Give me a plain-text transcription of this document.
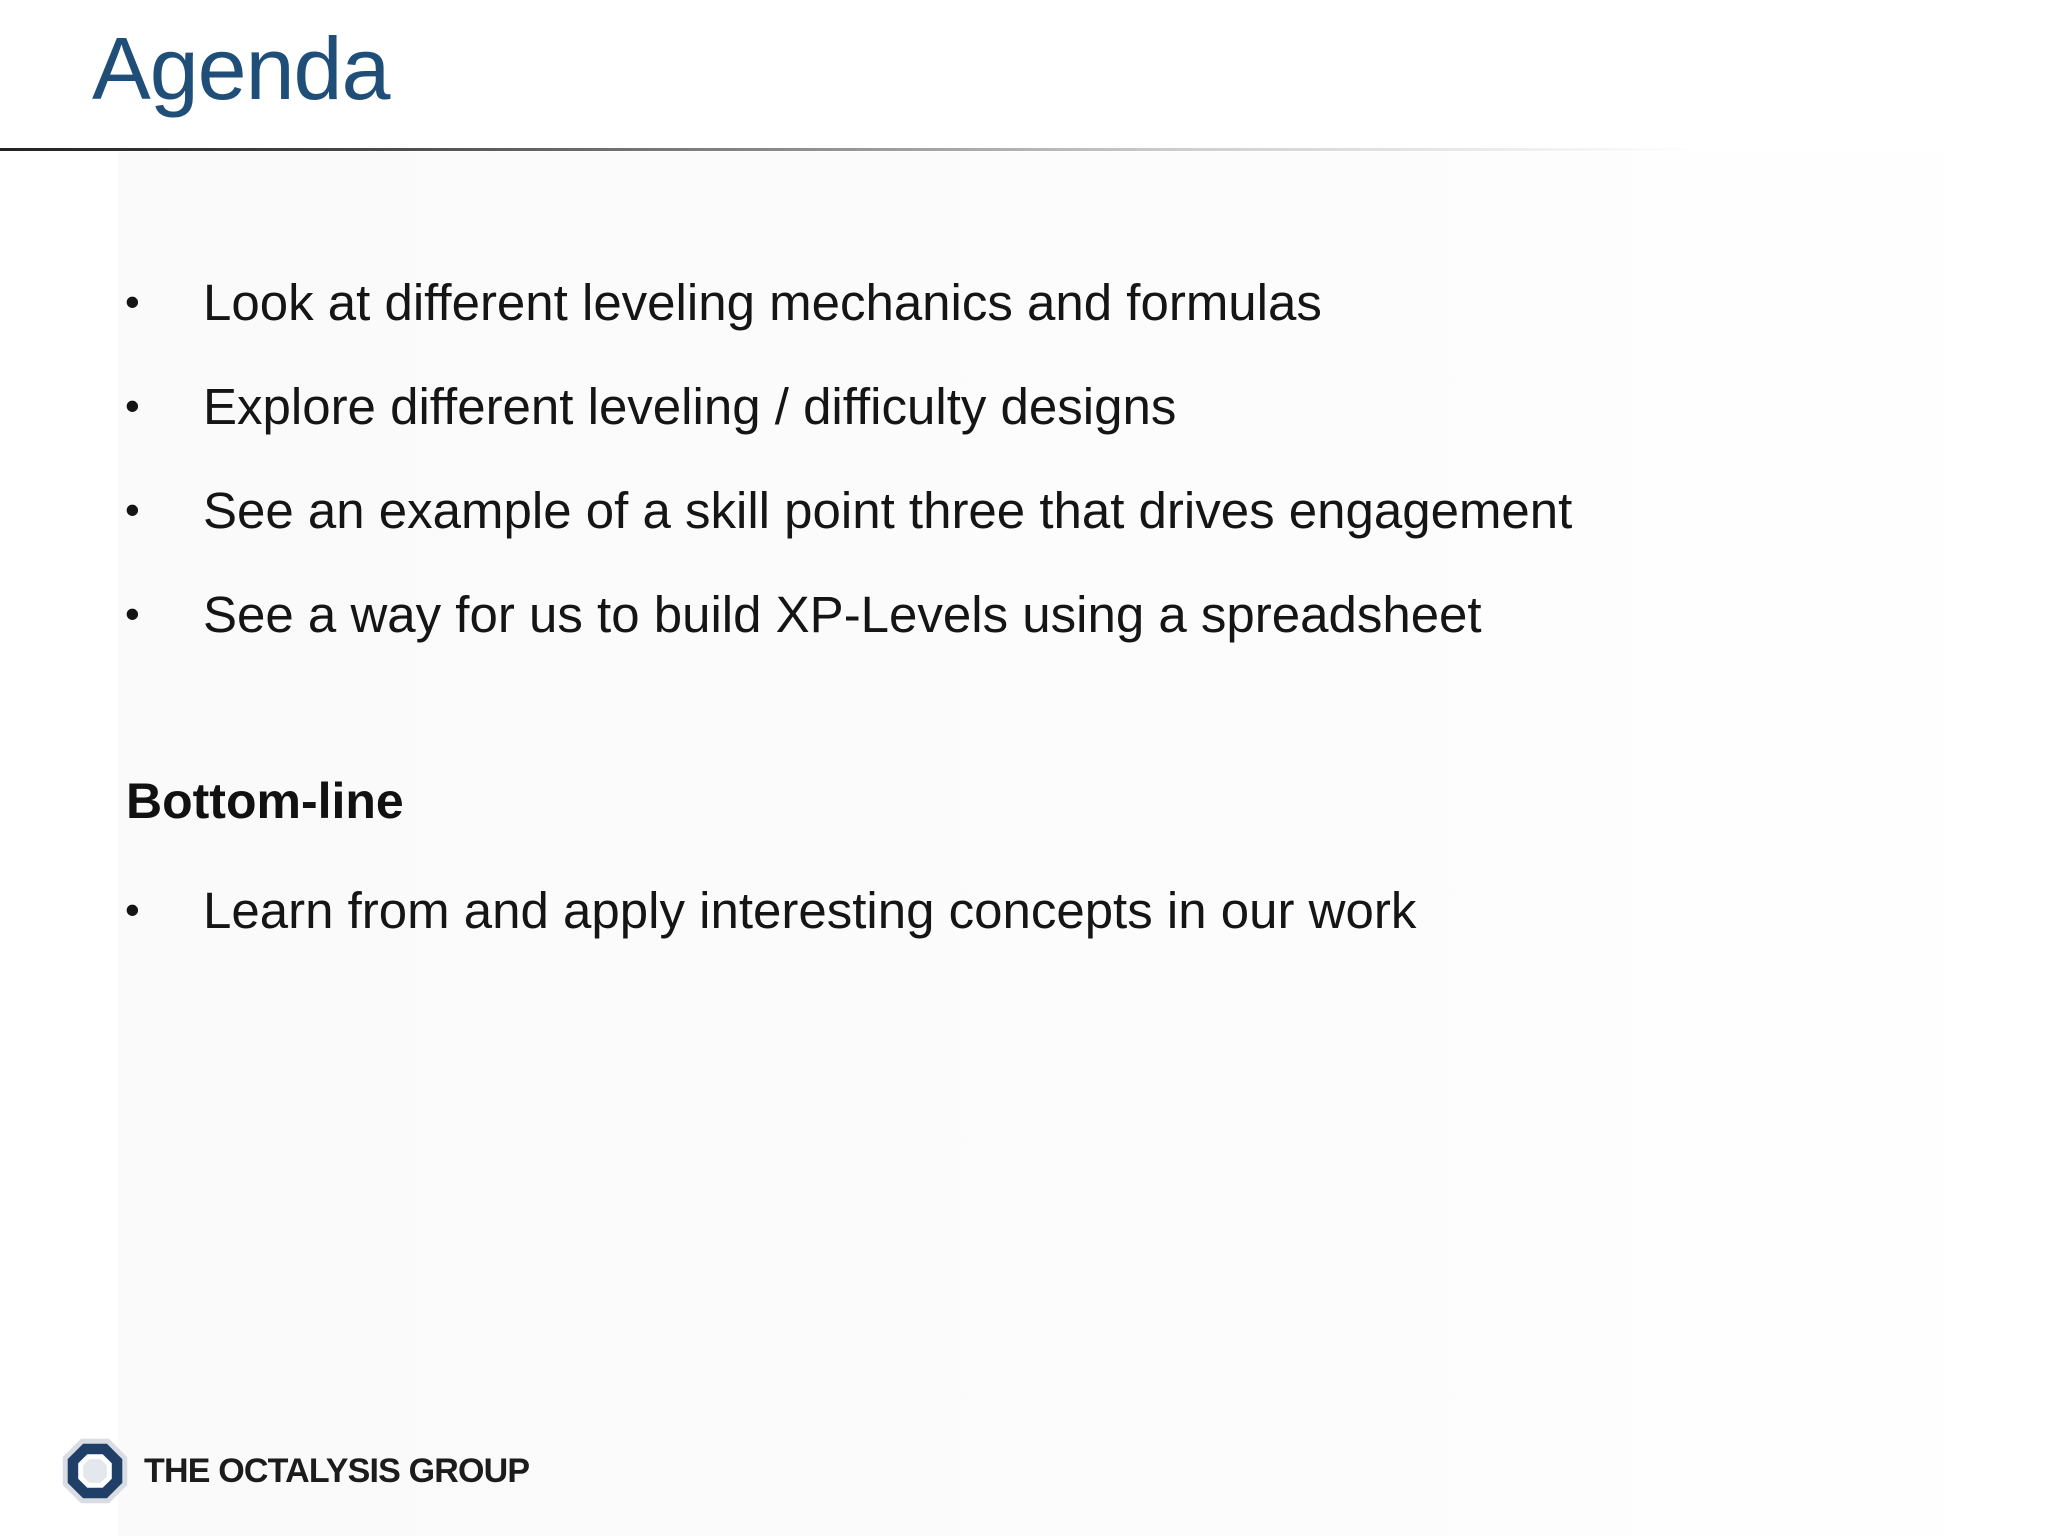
Agenda
•	Look at different leveling mechanics and formulas
•	Explore different leveling / difficulty designs
•	See an example of a skill point three that drives engagement
•	See a way for us to build XP-Levels using a spreadsheet
Bottom-line
•	Learn from and apply interesting concepts in our work
THE OCTALYSIS GROUP
